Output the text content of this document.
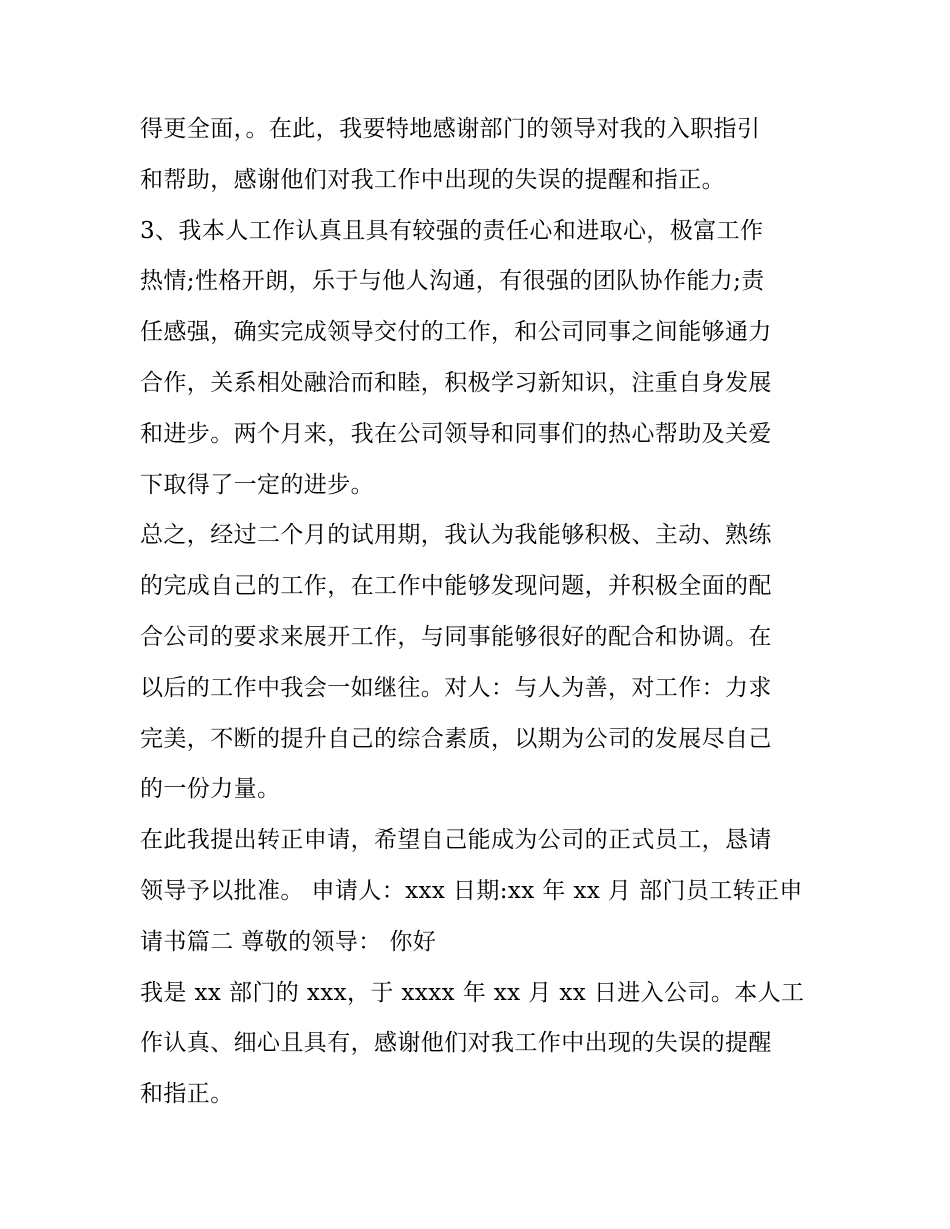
得更全面，。在此，我要特地感谢部门的领导对我的入职指引
和帮助，感谢他们对我工作中出现的失误的提醒和指正。
3、我本人工作认真且具有较强的责任心和进取心，极富工作
热情;性格开朗，乐于与他人沟通，有很强的团队协作能力;责
任感强，确实完成领导交付的工作，和公司同事之间能够通力
合作，关系相处融洽而和睦，积极学习新知识，注重自身发展
和进步。两个月来，我在公司领导和同事们的热心帮助及关爱
下取得了一定的进步。
总之，经过二个月的试用期，我认为我能够积极、主动、熟练
的完成自己的工作，在工作中能够发现问题，并积极全面的配
合公司的要求来展开工作，与同事能够很好的配合和协调。在
以后的工作中我会一如继往。对人：与人为善，对工作：力求
完美，不断的提升自己的综合素质，以期为公司的发展尽自己
的一份力量。
在此我提出转正申请，希望自己能成为公司的正式员工，恳请
领导予以批准。 申请人：xxx 日期:xx 年 xx 月 部门员工转正申
请书篇二 尊敬的领导： 你好
我是 xx 部门的 xxx，于 xxxx 年 xx 月 xx 日进入公司。本人工
作认真、细心且具有，感谢他们对我工作中出现的失误的提醒
和指正。
